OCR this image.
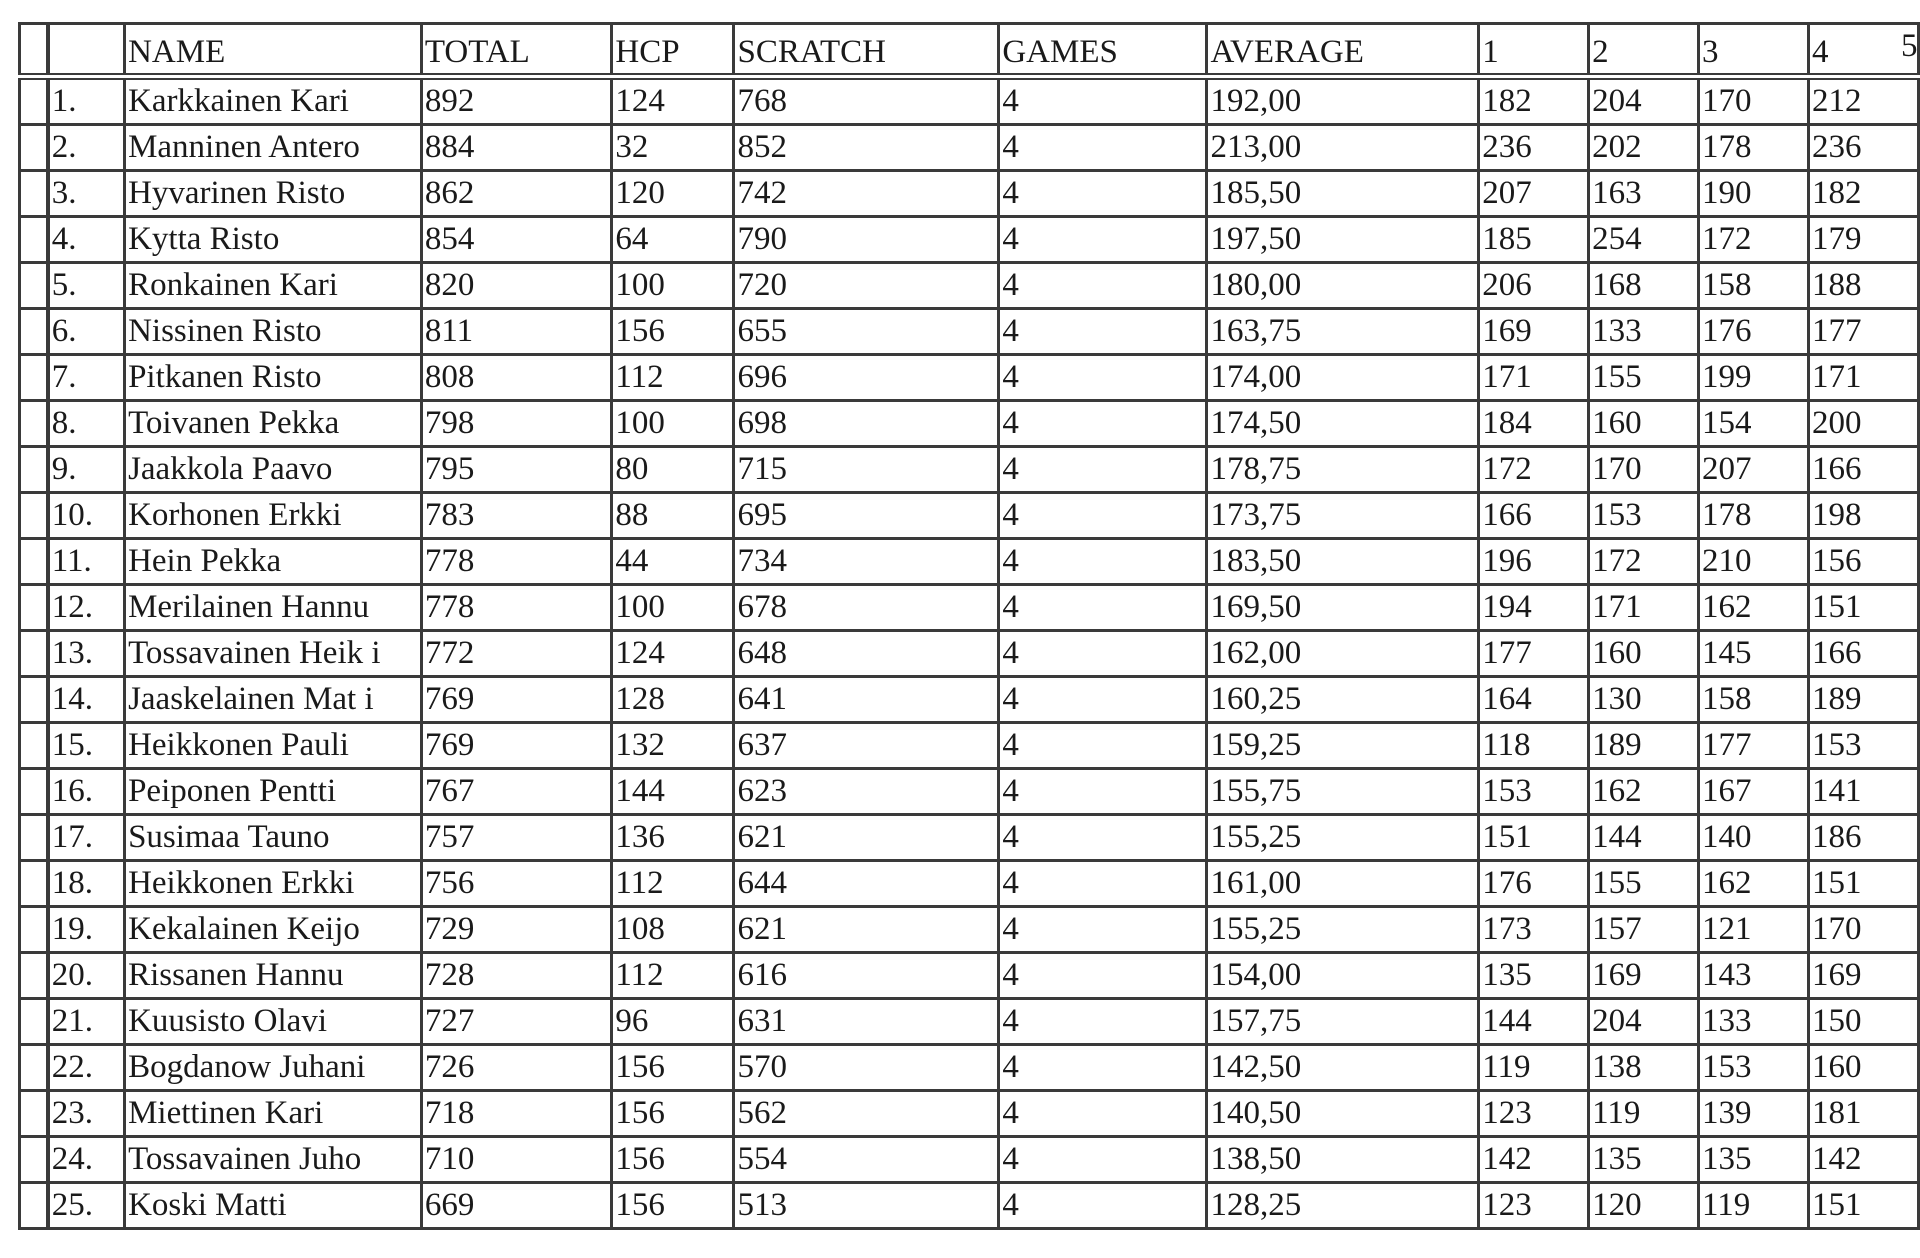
		NAME	TOTAL	HCP	SCRATCH	GAMES	AVERAGE	1	2	3	4
	1.	Karkkainen Kari	892	124	768	4	192,00	182	204	170	212
	2.	Manninen Antero	884	32	852	4	213,00	236	202	178	236
	3.	Hyvarinen Risto	862	120	742	4	185,50	207	163	190	182
	4.	Kytta Risto	854	64	790	4	197,50	185	254	172	179
	5.	Ronkainen Kari	820	100	720	4	180,00	206	168	158	188
	6.	Nissinen Risto	811	156	655	4	163,75	169	133	176	177
	7.	Pitkanen Risto	808	112	696	4	174,00	171	155	199	171
	8.	Toivanen Pekka	798	100	698	4	174,50	184	160	154	200
	9.	Jaakkola Paavo	795	80	715	4	178,75	172	170	207	166
	10.	Korhonen Erkki	783	88	695	4	173,75	166	153	178	198
	11.	Hein Pekka	778	44	734	4	183,50	196	172	210	156
	12.	Merilainen Hannu	778	100	678	4	169,50	194	171	162	151
	13.	Tossavainen Heik i	772	124	648	4	162,00	177	160	145	166
	14.	Jaaskelainen Mat i	769	128	641	4	160,25	164	130	158	189
	15.	Heikkonen Pauli	769	132	637	4	159,25	118	189	177	153
	16.	Peiponen Pentti	767	144	623	4	155,75	153	162	167	141
	17.	Susimaa Tauno	757	136	621	4	155,25	151	144	140	186
	18.	Heikkonen Erkki	756	112	644	4	161,00	176	155	162	151
	19.	Kekalainen Keijo	729	108	621	4	155,25	173	157	121	170
	20.	Rissanen Hannu	728	112	616	4	154,00	135	169	143	169
	21.	Kuusisto Olavi	727	96	631	4	157,75	144	204	133	150
	22.	Bogdanow Juhani	726	156	570	4	142,50	119	138	153	160
	23.	Miettinen Kari	718	156	562	4	140,50	123	119	139	181
	24.	Tossavainen Juho	710	156	554	4	138,50	142	135	135	142
	25.	Koski Matti	669	156	513	4	128,25	123	120	119	151
5
